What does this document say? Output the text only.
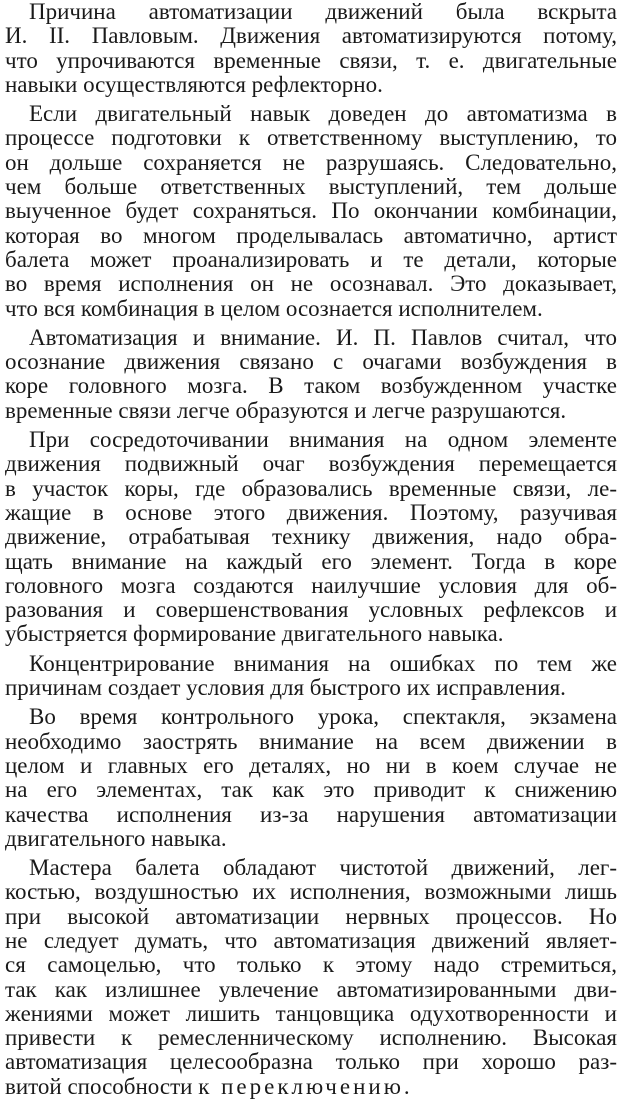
Причина автоматизации движений была вскрыта
И. II. Павловым. Движения автоматизируются потому,
что упрочиваются временные связи, т. е. двигательные
навыки осуществляются рефлекторно.
Если двигательный навык доведен до автоматизма в
процессе подготовки к ответственному выступлению, то
он дольше сохраняется не разрушаясь. Следовательно,
чем больше ответственных выступлений, тем дольше
выученное будет сохраняться. По окончании комбинации,
которая во многом проделывалась автоматично, артист
балета может проанализировать и те детали, которые
во время исполнения он не осознавал. Это доказывает,
что вся комбинация в целом осознается исполнителем.
Автоматизация и внимание. И. П. Павлов считал, что
осознание движения связано с очагами возбуждения в
коре головного мозга. В таком возбужденном участке
временные связи легче образуются и легче разрушаются.
При сосредоточивании внимания на одном элементе
движения подвижный очаг возбуждения перемещается
в участок коры, где образовались временные связи, ле-
жащие в основе этого движения. Поэтому, разучивая
движение, отрабатывая технику движения, надо обра-
щать внимание на каждый его элемент. Тогда в коре
головного мозга создаются наилучшие условия для об-
разования и совершенствования условных рефлексов и
убыстряется формирование двигательного навыка.
Концентрирование внимания на ошибках по тем же
причинам создает условия для быстрого их исправления.
Во время контрольного урока, спектакля, экзамена
необходимо заострять внимание на всем движении в
целом и главных его деталях, но ни в коем случае не
на его элементах, так как это приводит к снижению
качества исполнения из-за нарушения автоматизации
двигательного навыка.
Мастера балета обладают чистотой движений, лег-
костью, воздушностью их исполнения, возможными лишь
при высокой автоматизации нервных процессов. Но
не следует думать, что автоматизация движений являет-
ся самоцелью, что только к этому надо стремиться,
так как излишнее увлечение автоматизированными дви-
жениями может лишить танцовщика одухотворенности и
привести к ремесленническому исполнению. Высокая
автоматизация целесообразна только при хорошо раз-
витой способности к переключению.
